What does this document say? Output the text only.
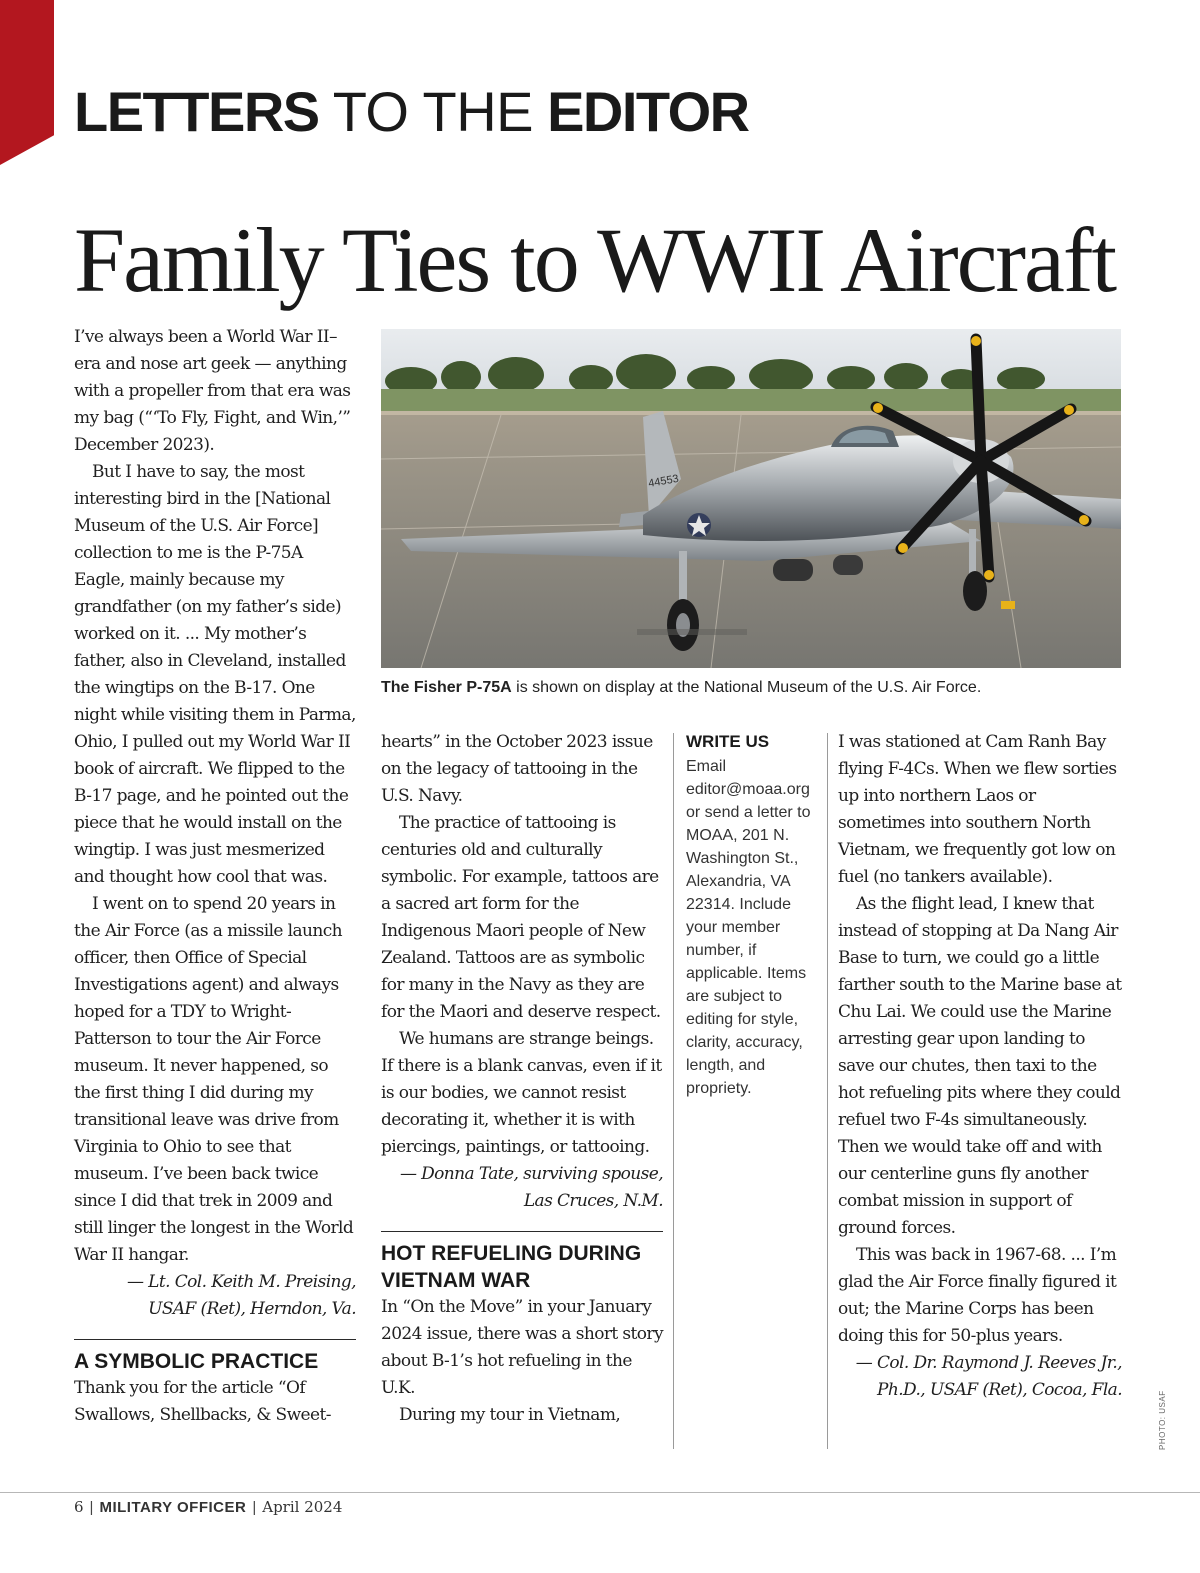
LETTERS TO THE EDITOR
Family Ties to WWII Aircraft

I’ve always been a World War II–era and nose art geek — anything with a propeller from that era was my bag (“‘To Fly, Fight, and Win,’” December 2023).

But I have to say, the most interesting bird in the [National Museum of the U.S. Air Force] collection to me is the P-75A Eagle, mainly because my grandfather (on my father’s side) worked on it. ... My mother’s father, also in Cleveland, installed the wingtips on the B-17. One night while visiting them in Parma, Ohio, I pulled out my World War II book of aircraft. We flipped to the B-17 page, and he pointed out the piece that he would install on the wingtip. I was just mesmerized and thought how cool that was.

I went on to spend 20 years in the Air Force (as a missile launch officer, then Office of Special Investigations agent) and always hoped for a TDY to Wright-Patterson to tour the Air Force museum. It never happened, so the first thing I did during my transitional leave was drive from Virginia to Ohio to see that museum. I’ve been back twice since I did that trek in 2009 and still linger the longest in the World War II hangar.

— Lt. Col. Keith M. Preising,

USAF (Ret), Herndon, Va.

A SYMBOLIC PRACTICE

Thank you for the article “Of Swallows, Shellbacks, & Sweet-

44553
The Fisher P-75A is shown on display at the National Museum of the U.S. Air Force.

hearts” in the October 2023 issue on the legacy of tattooing in the U.S. Navy.

The practice of tattooing is centuries old and culturally symbolic. For example, tattoos are a sacred art form for the Indigenous Maori people of New Zealand. Tattoos are as symbolic for many in the Navy as they are for the Maori and deserve respect.

We humans are strange beings. If there is a blank canvas, even if it is our bodies, we cannot resist decorating it, whether it is with piercings, paintings, or tattooing.

— Donna Tate, surviving spouse,

Las Cruces, N.M.

HOT REFUELING DURING VIETNAM WAR

In “On the Move” in your January 2024 issue, there was a short story about B-1’s hot refueling in the U.K.

During my tour in Vietnam,

WRITE US

Email editor@moaa.org or send a letter to MOAA, 201 N. Washington St., Alexandria, VA 22314. Include your member number, if applicable. Items are subject to editing for style, clarity, accuracy, length, and propriety.

I was stationed at Cam Ranh Bay flying F-4Cs. When we flew sorties up into northern Laos or sometimes into southern North Vietnam, we frequently got low on fuel (no tankers available).

As the flight lead, I knew that instead of stopping at Da Nang Air Base to turn, we could go a little farther south to the Marine base at Chu Lai. We could use the Marine arresting gear upon landing to save our chutes, then taxi to the hot refueling pits where they could refuel two F-4s simultaneously. Then we would take off and with our centerline guns fly another combat mission in support of ground forces.

This was back in 1967-68. ... I’m glad the Air Force finally figured it out; the Marine Corps has been doing this for 50-plus years.

— Col. Dr. Raymond J. Reeves Jr.,

Ph.D., USAF (Ret), Cocoa, Fla.

PHOTO: USAF
6 | MILITARY OFFICER | April 2024
